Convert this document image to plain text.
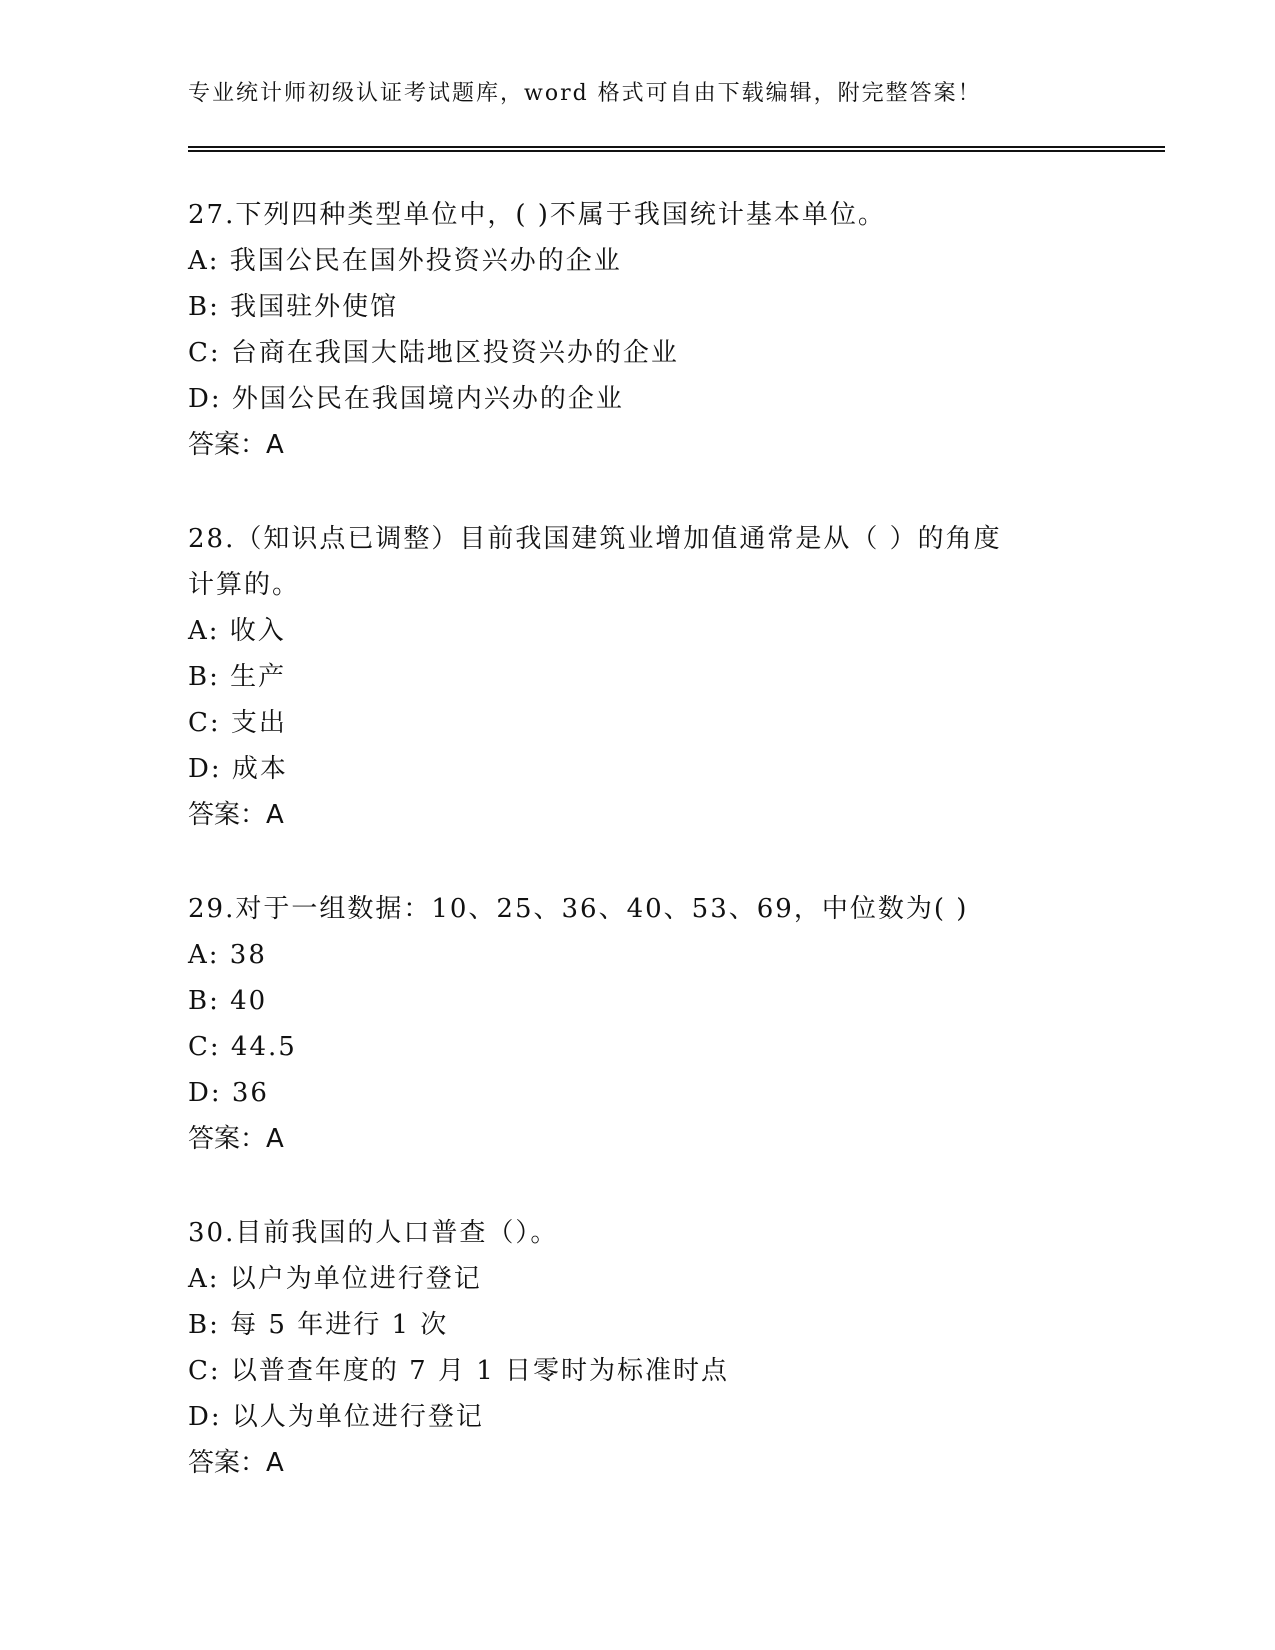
专业统计师初级认证考试题库，word 格式可自由下载编辑，附完整答案！
27.下列四种类型单位中，( )不属于我国统计基本单位。
A: 我国公民在国外投资兴办的企业
B: 我国驻外使馆
C: 台商在我国大陆地区投资兴办的企业
D: 外国公民在我国境内兴办的企业
答案：A
28.（知识点已调整）目前我国建筑业增加值通常是从（ ）的角度
计算的。
A: 收入
B: 生产
C: 支出
D: 成本
答案：A
29.对于一组数据：10、25、36、40、53、69，中位数为( )
A: 38
B: 40
C: 44.5
D: 36
答案：A
30.目前我国的人口普查（）。
A: 以户为单位进行登记
B: 每 5 年进行 1 次
C: 以普查年度的 7 月 1 日零时为标准时点
D: 以人为单位进行登记
答案：A
